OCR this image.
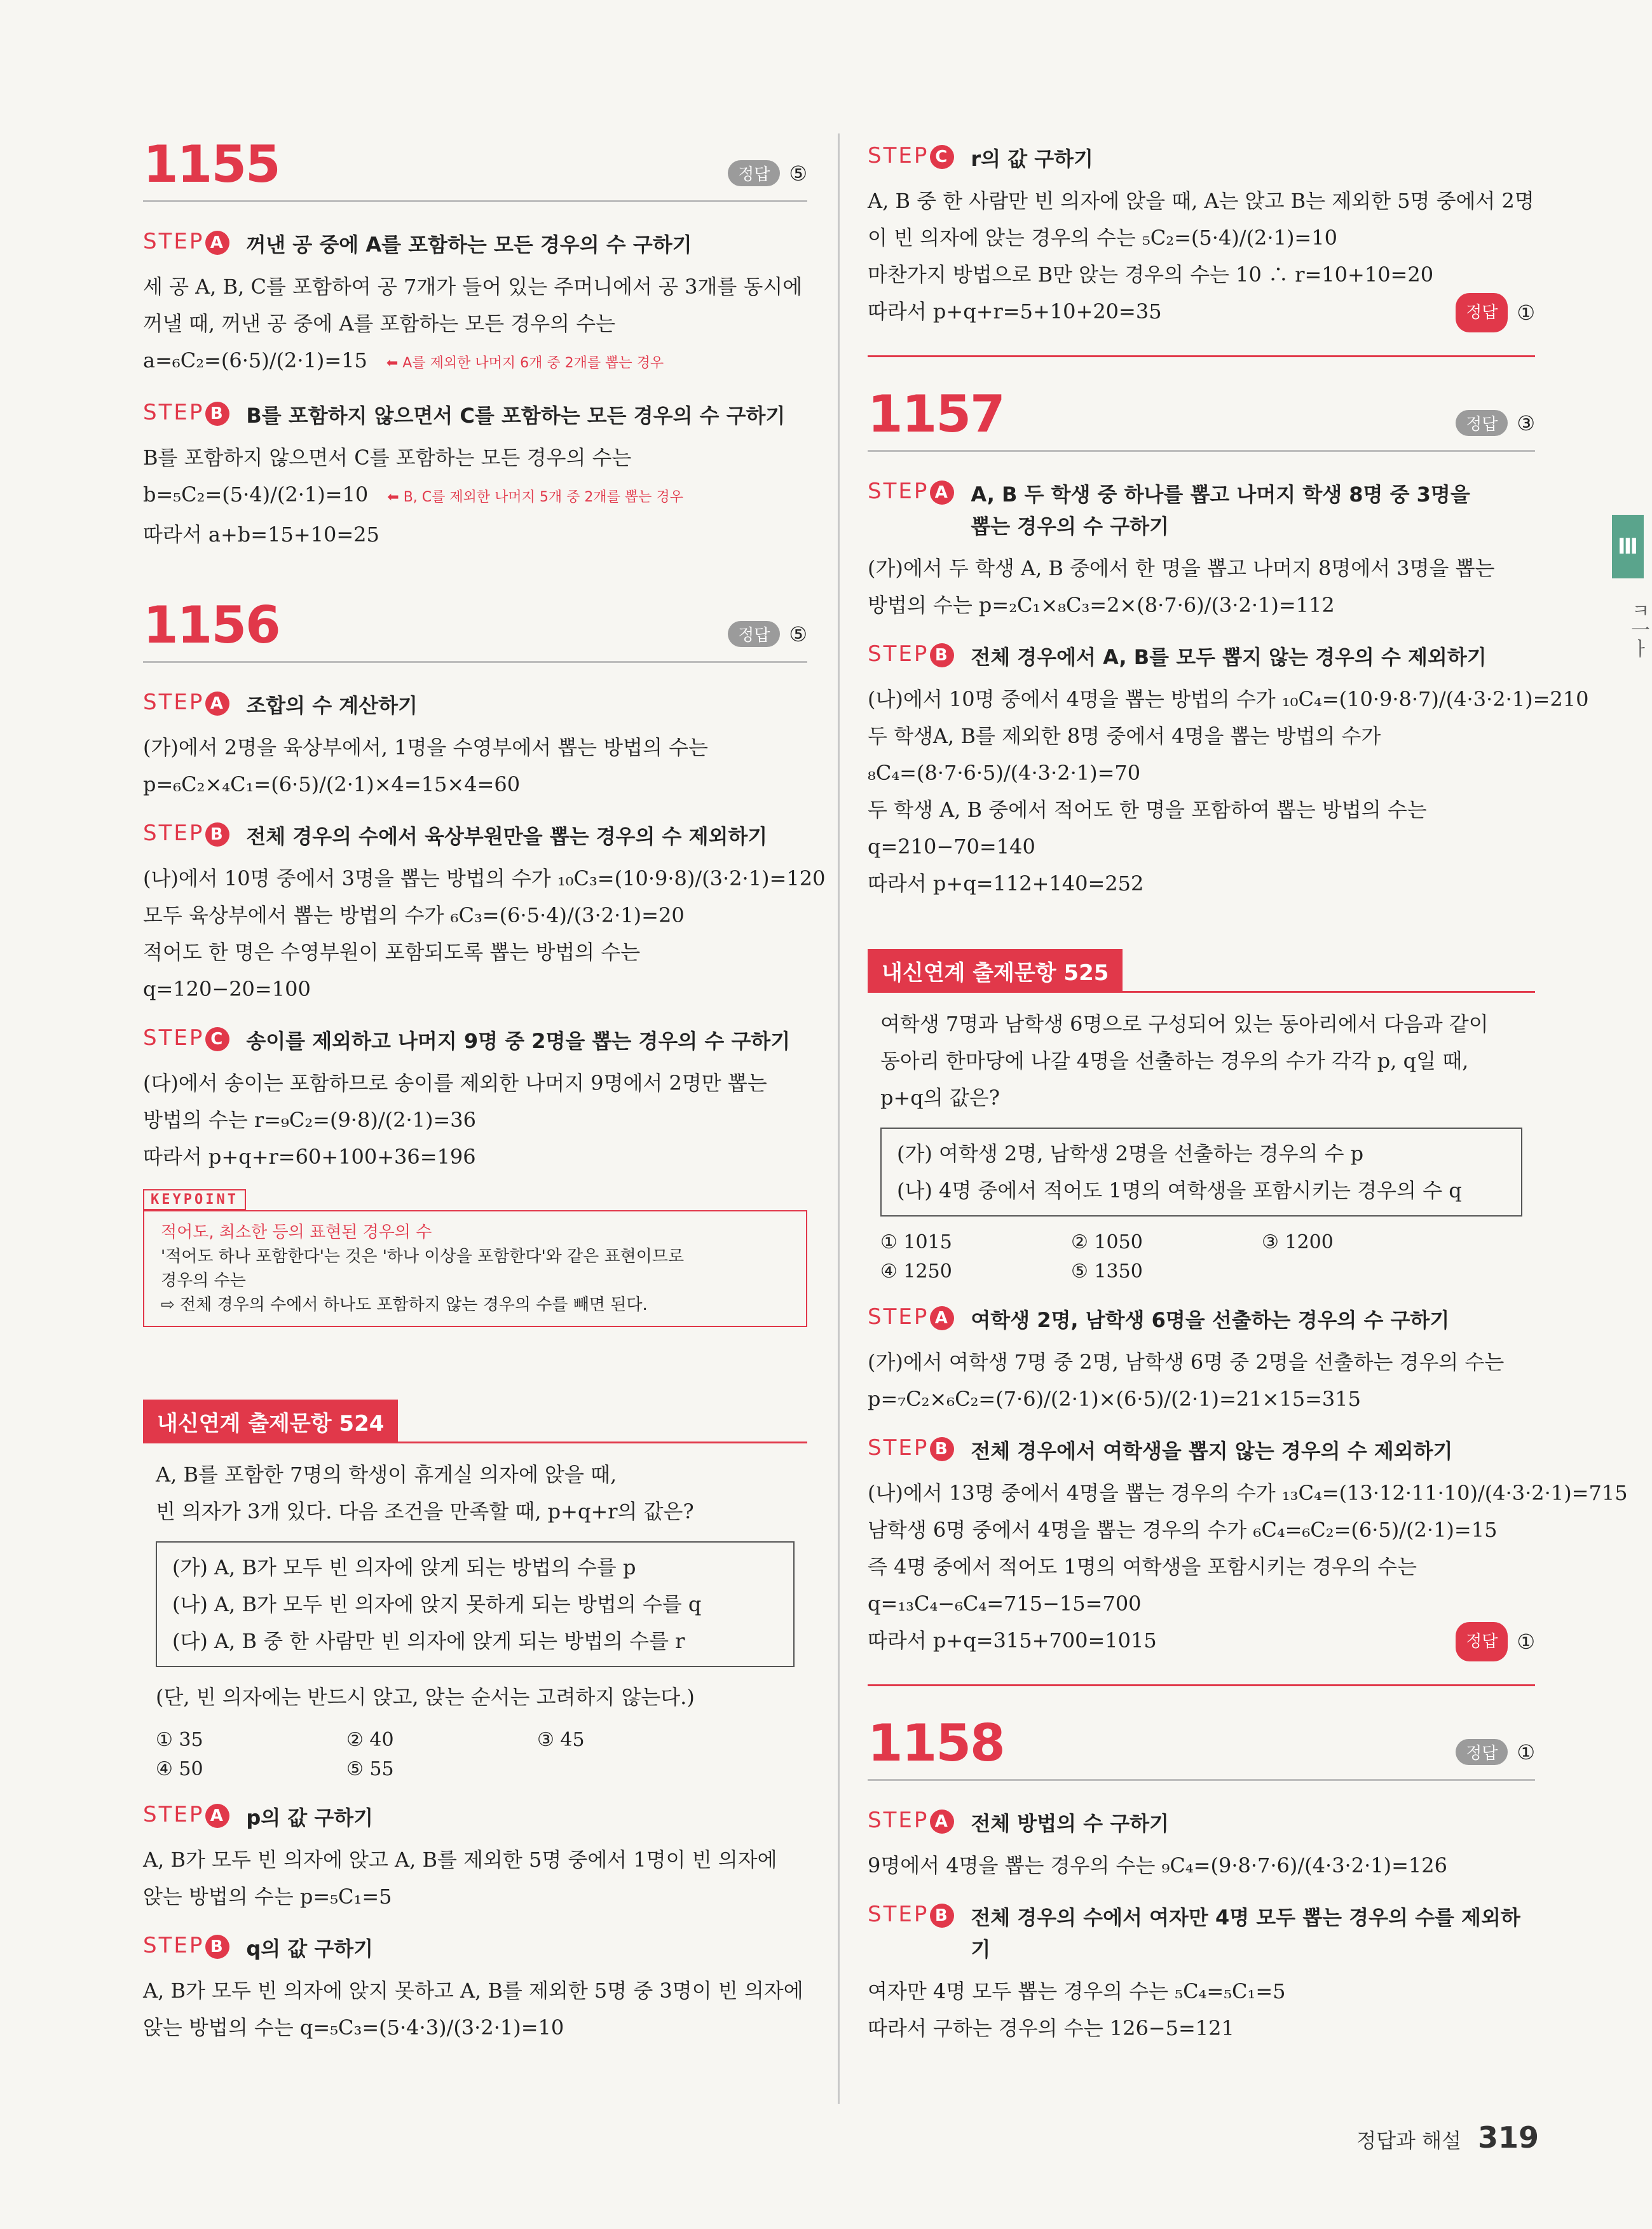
1155	정답 ⑤
STEP A 꺼낸 공 중에 A를 포함하는 모든 경우의 수 구하기
세 공 A, B, C를 포함하여 공 7개가 들어 있는 주머니에서 공 3개를 동시에
꺼낼 때, 꺼낸 공 중에 A를 포함하는 모든 경우의 수는
a=₆C₂=(6·5)/(2·1)=15 ⬅ A를 제외한 나머지 6개 중 2개를 뽑는 경우
STEP B B를 포함하지 않으면서 C를 포함하는 모든 경우의 수 구하기
B를 포함하지 않으면서 C를 포함하는 모든 경우의 수는
b=₅C₂=(5·4)/(2·1)=10 ⬅ B, C를 제외한 나머지 5개 중 2개를 뽑는 경우
따라서 a+b=15+10=25
1156	정답 ⑤
STEP A 조합의 수 계산하기
(가)에서 2명을 육상부에서, 1명을 수영부에서 뽑는 방법의 수는
p=₆C₂×₄C₁=(6·5)/(2·1)×4=15×4=60
STEP B 전체 경우의 수에서 육상부원만을 뽑는 경우의 수 제외하기
(나)에서 10명 중에서 3명을 뽑는 방법의 수가 ₁₀C₃=(10·9·8)/(3·2·1)=120
모두 육상부에서 뽑는 방법의 수가 ₆C₃=(6·5·4)/(3·2·1)=20
적어도 한 명은 수영부원이 포함되도록 뽑는 방법의 수는
q=120−20=100
STEP C 송이를 제외하고 나머지 9명 중 2명을 뽑는 경우의 수 구하기
(다)에서 송이는 포함하므로 송이를 제외한 나머지 9명에서 2명만 뽑는
방법의 수는 r=₉C₂=(9·8)/(2·1)=36
따라서 p+q+r=60+100+36=196
KEYPOINT
적어도, 최소한 등의 표현된 경우의 수
'적어도 하나 포함한다'는 것은 '하나 이상을 포함한다'와 같은 표현이므로
경우의 수는
⇨ 전체 경우의 수에서 하나도 포함하지 않는 경우의 수를 빼면 된다.
내신연계 출제문항 524
A, B를 포함한 7명의 학생이 휴게실 의자에 앉을 때,
빈 의자가 3개 있다. 다음 조건을 만족할 때, p+q+r의 값은?
(가) A, B가 모두 빈 의자에 앉게 되는 방법의 수를 p
(나) A, B가 모두 빈 의자에 앉지 못하게 되는 방법의 수를 q
(다) A, B 중 한 사람만 빈 의자에 앉게 되는 방법의 수를 r
(단, 빈 의자에는 반드시 앉고, 앉는 순서는 고려하지 않는다.)
① 35	② 40	③ 45
④ 50	⑤ 55
STEP A p의 값 구하기
A, B가 모두 빈 의자에 앉고 A, B를 제외한 5명 중에서 1명이 빈 의자에
앉는 방법의 수는 p=₅C₁=5
STEP B q의 값 구하기
A, B가 모두 빈 의자에 앉지 못하고 A, B를 제외한 5명 중 3명이 빈 의자에
앉는 방법의 수는 q=₅C₃=(5·4·3)/(3·2·1)=10
STEP C r의 값 구하기
A, B 중 한 사람만 빈 의자에 앉을 때, A는 앉고 B는 제외한 5명 중에서 2명
이 빈 의자에 앉는 경우의 수는 ₅C₂=(5·4)/(2·1)=10
마찬가지 방법으로 B만 앉는 경우의 수는 10 ∴ r=10+10=20
따라서 p+q+r=5+10+20=35	정답 ①
1157	정답 ③
STEP A A, B 두 학생 중 하나를 뽑고 나머지 학생 8명 중 3명을 뽑는 경우의 수 구하기
(가)에서 두 학생 A, B 중에서 한 명을 뽑고 나머지 8명에서 3명을 뽑는
방법의 수는 p=₂C₁×₈C₃=2×(8·7·6)/(3·2·1)=112
STEP B 전체 경우에서 A, B를 모두 뽑지 않는 경우의 수 제외하기
(나)에서 10명 중에서 4명을 뽑는 방법의 수가 ₁₀C₄=(10·9·8·7)/(4·3·2·1)=210
두 학생A, B를 제외한 8명 중에서 4명을 뽑는 방법의 수가
₈C₄=(8·7·6·5)/(4·3·2·1)=70
두 학생 A, B 중에서 적어도 한 명을 포함하여 뽑는 방법의 수는
q=210−70=140
따라서 p+q=112+140=252
내신연계 출제문항 525
여학생 7명과 남학생 6명으로 구성되어 있는 동아리에서 다음과 같이
동아리 한마당에 나갈 4명을 선출하는 경우의 수가 각각 p, q일 때,
p+q의 값은?
(가) 여학생 2명, 남학생 2명을 선출하는 경우의 수 p
(나) 4명 중에서 적어도 1명의 여학생을 포함시키는 경우의 수 q
① 1015	② 1050	③ 1200
④ 1250	⑤ 1350
STEP A 여학생 2명, 남학생 6명을 선출하는 경우의 수 구하기
(가)에서 여학생 7명 중 2명, 남학생 6명 중 2명을 선출하는 경우의 수는
p=₇C₂×₆C₂=(7·6)/(2·1)×(6·5)/(2·1)=21×15=315
STEP B 전체 경우에서 여학생을 뽑지 않는 경우의 수 제외하기
(나)에서 13명 중에서 4명을 뽑는 경우의 수가 ₁₃C₄=(13·12·11·10)/(4·3·2·1)=715
남학생 6명 중에서 4명을 뽑는 경우의 수가 ₆C₄=₆C₂=(6·5)/(2·1)=15
즉 4명 중에서 적어도 1명의 여학생을 포함시키는 경우의 수는
q=₁₃C₄−₆C₄=715−15=700
따라서 p+q=315+700=1015	정답 ①
1158	정답 ①
STEP A 전체 방법의 수 구하기
9명에서 4명을 뽑는 경우의 수는 ₉C₄=(9·8·7·6)/(4·3·2·1)=126
STEP B 전체 경우의 수에서 여자만 4명 모두 뽑는 경우의 수를 제외하기
여자만 4명 모두 뽑는 경우의 수는 ₅C₄=₅C₁=5
따라서 구하는 경우의 수는 126−5=121
Ⅲ
ㅋ一ㅏ
정답과 해설 319
